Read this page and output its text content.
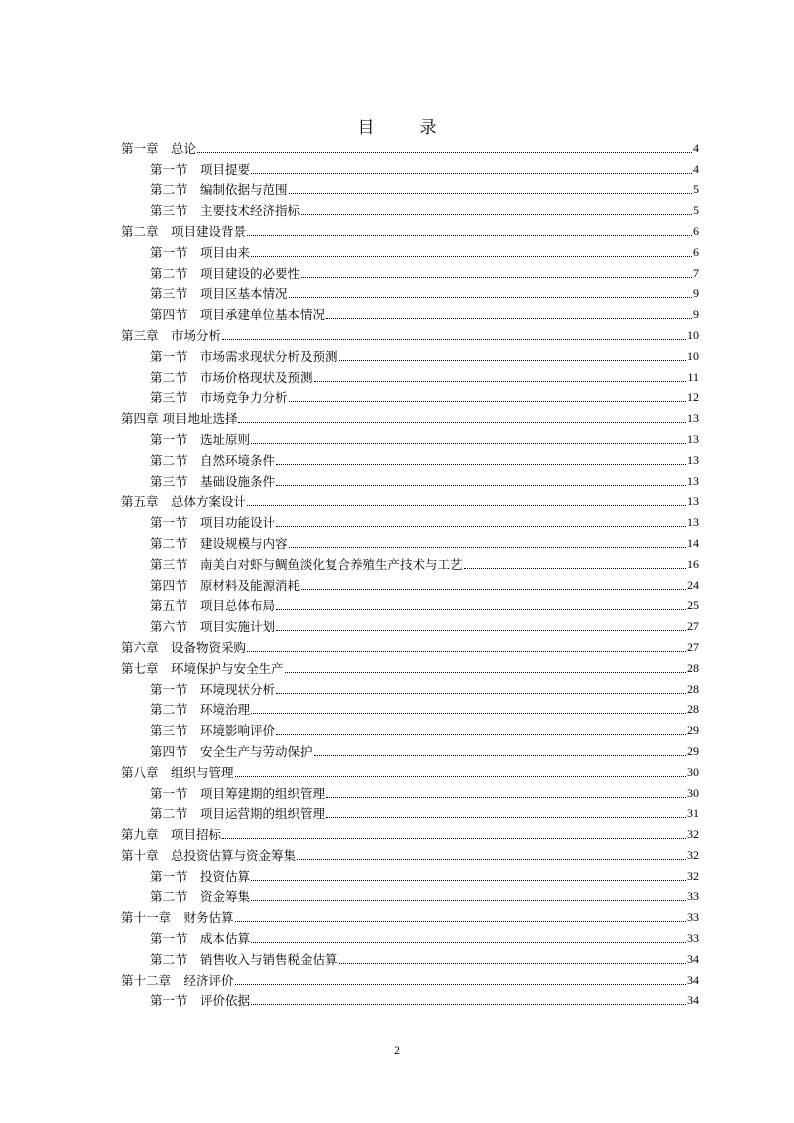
目　录
第一章　总论	4
第一节　项目提要	4
第二节　编制依据与范围	5
第三节　主要技术经济指标	5
第二章　项目建设背景	6
第一节　项目由来	6
第二节　项目建设的必要性	7
第三节　项目区基本情况	9
第四节　项目承建单位基本情况	9
第三章　市场分析	10
第一节　市场需求现状分析及预测	10
第二节　市场价格现状及预测	11
第三节　市场竞争力分析	12
第四章 项目地址选择	13
第一节　选址原则	13
第二节　自然环境条件	13
第三节　基础设施条件	13
第五章　总体方案设计	13
第一节　项目功能设计	13
第二节　建设规模与内容	14
第三节　南美白对虾与鲷鱼淡化复合养殖生产技术与工艺	16
第四节　原材料及能源消耗	24
第五节　项目总体布局	25
第六节　项目实施计划	27
第六章　设备物资采购	27
第七章　环境保护与安全生产	28
第一节　环境现状分析	28
第二节　环境治理	28
第三节　环境影响评价	29
第四节　安全生产与劳动保护	29
第八章　组织与管理	30
第一节　项目筹建期的组织管理	30
第二节　项目运营期的组织管理	31
第九章　项目招标	32
第十章　总投资估算与资金筹集	32
第一节　投资估算	32
第二节　资金筹集	33
第十一章　财务估算	33
第一节　成本估算	33
第二节　销售收入与销售税金估算	34
第十二章　经济评价	34
第一节　评价依据	34
2
